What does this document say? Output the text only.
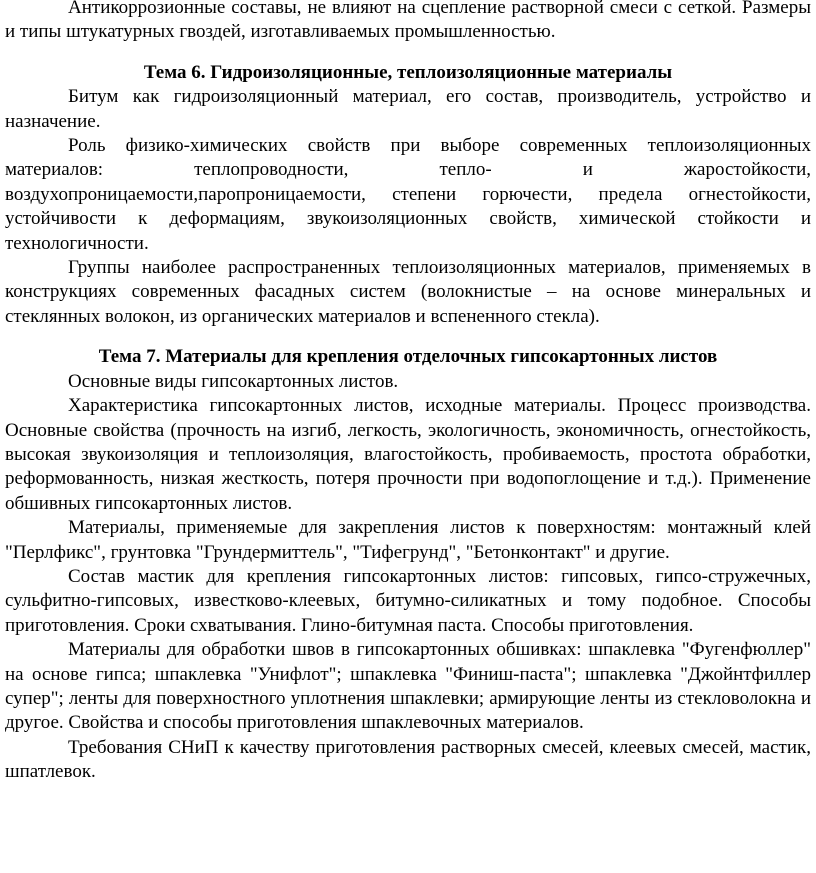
Антикоррозионные составы, не влияют на сцепление растворной смеси с сеткой. Размеры и типы штукатурных гвоздей, изготавливаемых промышленностью.

Тема 6. Гидроизоляционные, теплоизоляционные материалы

Битум как гидроизоляционный материал, его состав, производитель, устройство и назначение.

Роль физико-химических свойств при выборе современных теплоизоляционных материалов: теплопроводности, тепло- и жаростойкости, воздухопроницаемости,паропроницаемости, степени горючести, предела огнестойкости, устойчивости к деформациям, звукоизоляционных свойств, химической стойкости и технологичности.

Группы наиболее распространенных теплоизоляционных материалов, применяемых в конструкциях современных фасадных систем (волокнистые – на основе минеральных и стеклянных волокон, из органических материалов и вспененного стекла).

Тема 7. Материалы для крепления отделочных гипсокартонных листов

Основные виды гипсокартонных листов.

Характеристика гипсокартонных листов, исходные материалы. Процесс производства. Основные свойства (прочность на изгиб, легкость, экологичность, экономичность, огнестойкость, высокая звукоизоляция и теплоизоляция, влагостойкость, пробиваемость, простота обработки, реформованность, низкая жесткость, потеря прочности при водопоглощение и т.д.). Применение обшивных гипсокартонных листов.

Материалы, применяемые для закрепления листов к поверхностям: монтажный клей "Перлфикс", грунтовка "Грундермиттель", "Тифегрунд", "Бетонконтакт" и другие.

Состав мастик для крепления гипсокартонных листов: гипсовых, гипсо-стружечных, сульфитно-гипсовых, известково-клеевых, битумно-силикатных и тому подобное. Способы приготовления. Сроки схватывания. Глино-битумная паста. Способы приготовления.

Материалы для обработки швов в гипсокартонных обшивках: шпаклевка "Фугенфюллер" на основе гипса; шпаклевка "Унифлот"; шпаклевка "Финиш-паста"; шпаклевка "Джойнтфиллер супер"; ленты для поверхностного уплотнения шпаклевки; армирующие ленты из стекловолокна и другое. Свойства и способы приготовления шпаклевочных материалов.

Требования СНиП к качеству приготовления растворных смесей, клеевых смесей, мастик, шпатлевок.
